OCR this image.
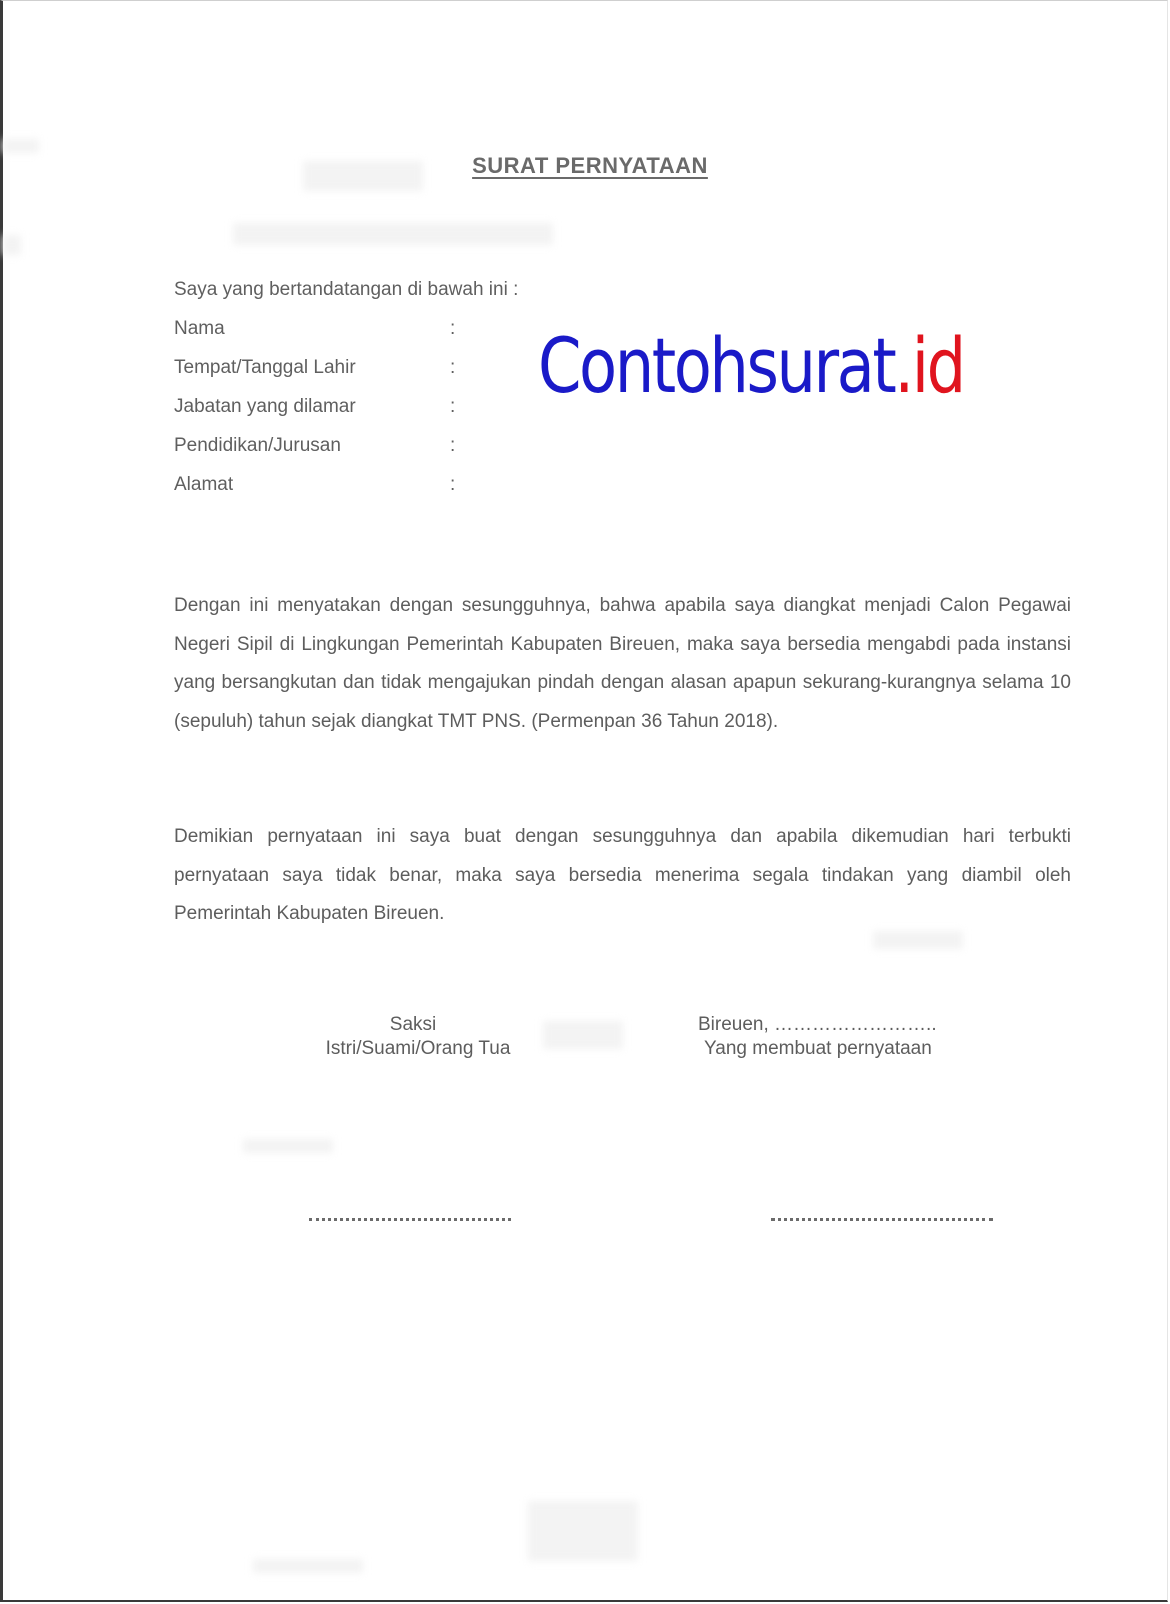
SURAT PERNYATAAN
Saya yang bertandatangan di bawah ini :
Nama	:
Tempat/Tanggal Lahir	:
Jabatan yang dilamar	:
Pendidikan/Jurusan	:
Alamat	:
Contohsurat.id

Dengan ini menyatakan dengan sesungguhnya, bahwa apabila saya diangkat menjadi Calon Pegawai Negeri Sipil di Lingkungan Pemerintah Kabupaten Bireuen, maka saya bersedia mengabdi pada instansi yang bersangkutan dan tidak mengajukan pindah dengan alasan apapun sekurang-kurangnya selama 10 (sepuluh) tahun sejak diangkat TMT PNS. (Permenpan 36 Tahun 2018).

Demikian pernyataan ini saya buat dengan sesungguhnya dan apabila dikemudian hari terbukti pernyataan saya tidak benar, maka saya bersedia menerima segala tindakan yang diambil oleh Pemerintah Kabupaten Bireuen.

Saksi
Istri/Suami/Orang Tua
Bireuen, ……………………..
Yang membuat pernyataan
